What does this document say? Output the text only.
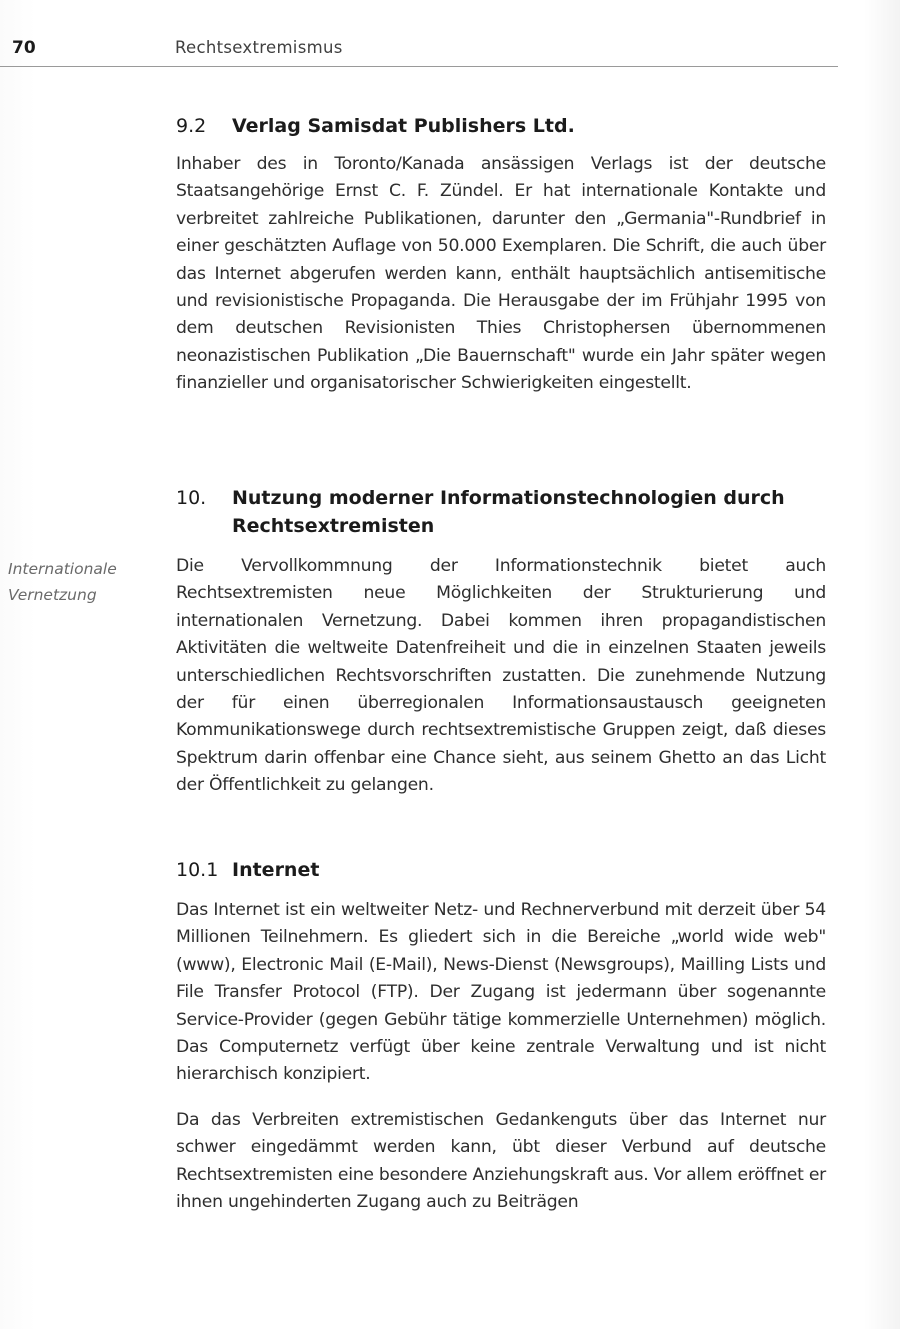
70	Rechtsextremismus
9.2	Verlag Samisdat Publishers Ltd.

Inhaber des in Toronto/Kanada ansässigen Verlags ist der deutsche Staatsangehörige Ernst C. F. Zündel. Er hat internationale Kontakte und verbreitet zahlreiche Publikationen, darunter den „Germania"-Rundbrief in einer geschätzten Auflage von 50.000 Exemplaren. Die Schrift, die auch über das Internet abgerufen werden kann, enthält hauptsächlich antisemitische und revisionistische Propaganda. Die Herausgabe der im Frühjahr 1995 von dem deutschen Revisionisten Thies Christophersen übernommenen neonazistischen Publikation „Die Bauernschaft" wurde ein Jahr später wegen finanzieller und organisatorischer Schwierigkeiten eingestellt.

10.	Nutzung moderner Informationstechnologien durch Rechtsextremisten

Die Vervollkommnung der Informationstechnik bietet auch Rechtsextremisten neue Möglichkeiten der Strukturierung und internationalen Vernetzung. Dabei kommen ihren propagandistischen Aktivitäten die weltweite Datenfreiheit und die in einzelnen Staaten jeweils unterschiedlichen Rechtsvorschriften zustatten. Die zunehmende Nutzung der für einen überregionalen Informationsaustausch geeigneten Kommunikationswege durch rechtsextremistische Gruppen zeigt, daß dieses Spektrum darin offenbar eine Chance sieht, aus seinem Ghetto an das Licht der Öffentlichkeit zu gelangen.

Internationale Vernetzung
10.1 Internet

Das Internet ist ein weltweiter Netz- und Rechnerverbund mit derzeit über 54 Millionen Teilnehmern. Es gliedert sich in die Bereiche „world wide web" (www), Electronic Mail (E-Mail), News-Dienst (Newsgroups), Mailling Lists und File Transfer Protocol (FTP). Der Zugang ist jedermann über sogenannte Service-Provider (gegen Gebühr tätige kommerzielle Unternehmen) möglich. Das Computernetz verfügt über keine zentrale Verwaltung und ist nicht hierarchisch konzipiert.

Da das Verbreiten extremistischen Gedankenguts über das Internet nur schwer eingedämmt werden kann, übt dieser Verbund auf deutsche Rechtsextremisten eine besondere Anziehungskraft aus. Vor allem eröffnet er ihnen ungehinderten Zugang auch zu Beiträgen
